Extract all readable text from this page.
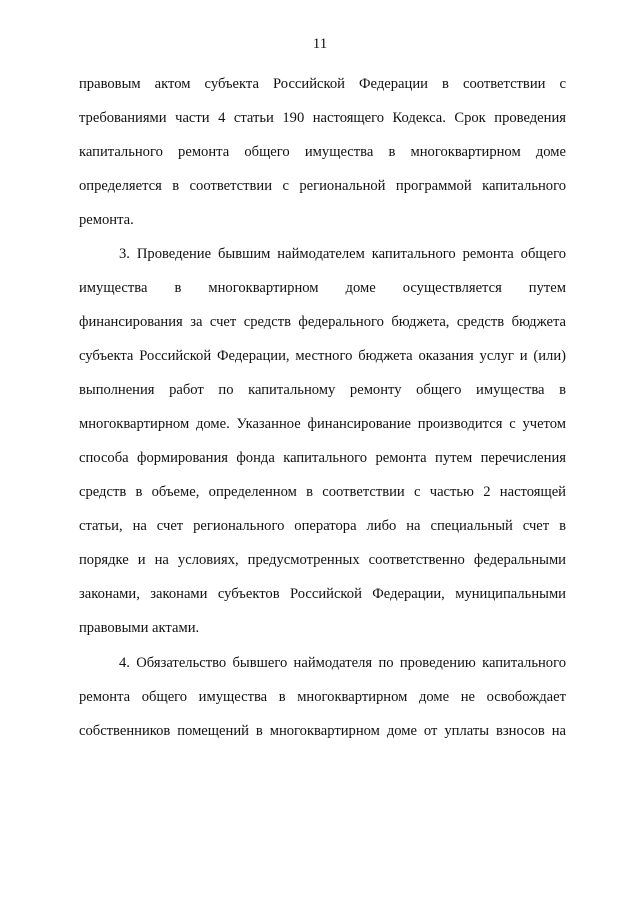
11
правовым актом субъекта Российской Федерации в соответствии с
требованиями части 4 статьи 190 настоящего Кодекса. Срок проведения
капитального ремонта общего имущества в многоквартирном доме
определяется в соответствии с региональной программой капитального
ремонта.
3. Проведение бывшим наймодателем капитального ремонта общего
имущества в многоквартирном доме осуществляется путем
финансирования за счет средств федерального бюджета, средств бюджета
субъекта Российской Федерации, местного бюджета оказания услуг и (или)
выполнения работ по капитальному ремонту общего имущества в
многоквартирном доме. Указанное финансирование производится с учетом
способа формирования фонда капитального ремонта путем перечисления
средств в объеме, определенном в соответствии с частью 2 настоящей
статьи, на счет регионального оператора либо на специальный счет в
порядке и на условиях, предусмотренных соответственно федеральными
законами, законами субъектов Российской Федерации, муниципальными
правовыми актами.
4. Обязательство бывшего наймодателя по проведению капитального
ремонта общего имущества в многоквартирном доме не освобождает
собственников помещений в многоквартирном доме от уплаты взносов на
